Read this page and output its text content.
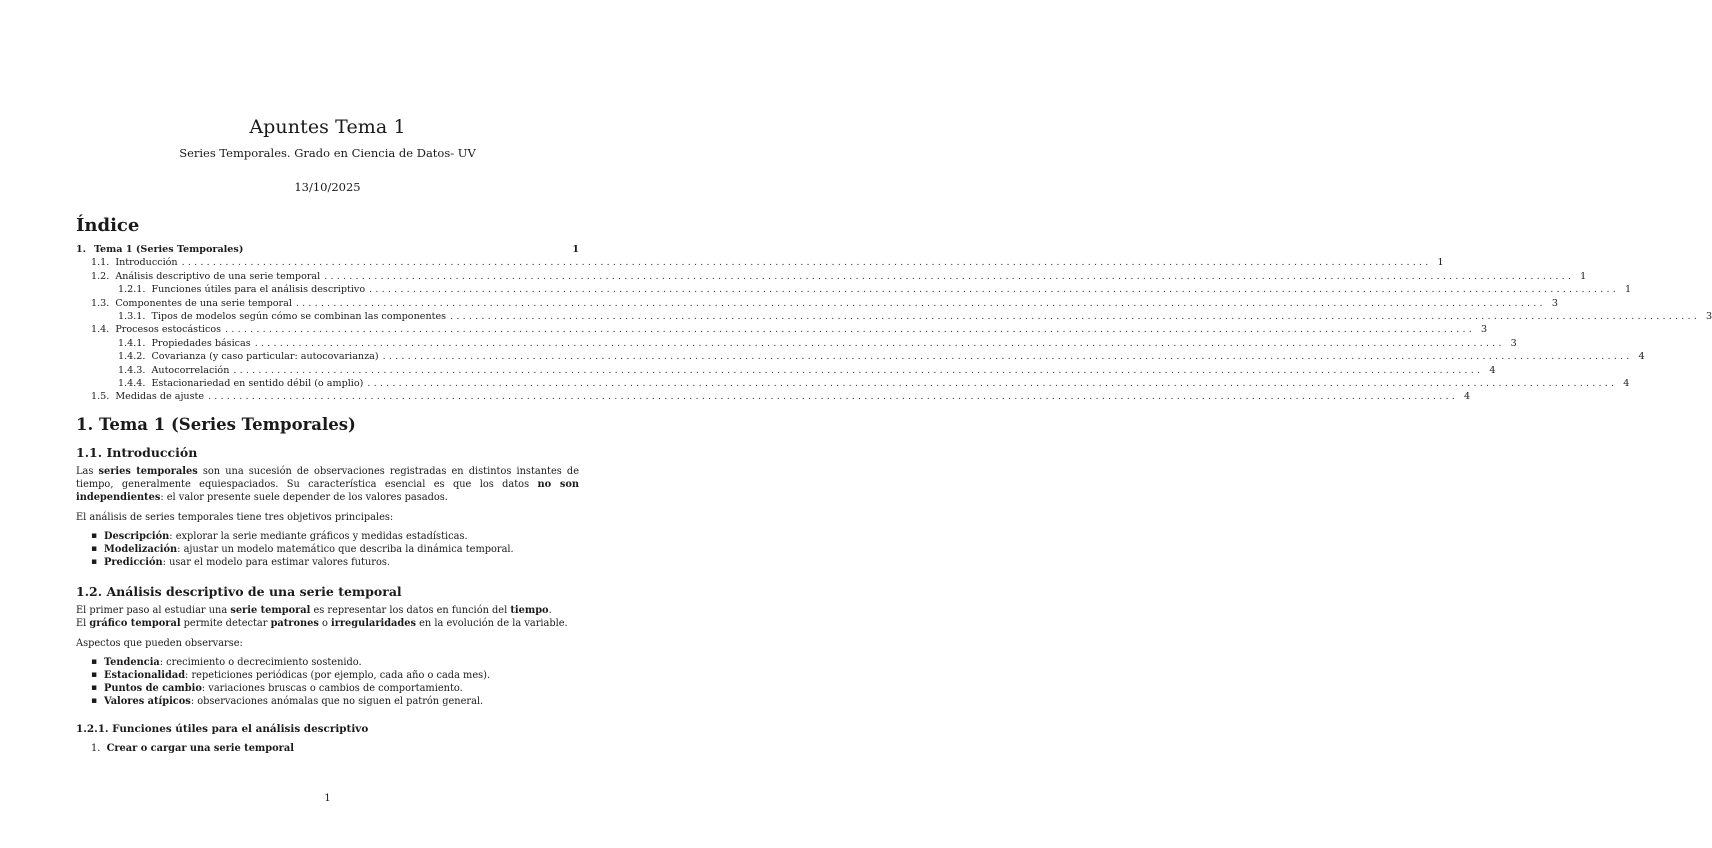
Apuntes Tema 1
Series Temporales. Grado en Ciencia de Datos- UV
13/10/2025
Índice
1. Tema 1 (Series Temporales)	1
1.1. Introducción ........................................................................................................................................................................................................ 1
1.2. Análisis descriptivo de una serie temporal ........................................................................................................................................................................................................ 1
1.2.1. Funciones útiles para el análisis descriptivo ........................................................................................................................................................................................................ 1
1.3. Componentes de una serie temporal ........................................................................................................................................................................................................ 3
1.3.1. Tipos de modelos según cómo se combinan las componentes ........................................................................................................................................................................................................ 3
1.4. Procesos estocásticos ........................................................................................................................................................................................................ 3
1.4.1. Propiedades básicas ........................................................................................................................................................................................................ 3
1.4.2. Covarianza (y caso particular: autocovarianza) ........................................................................................................................................................................................................ 4
1.4.3. Autocorrelación ........................................................................................................................................................................................................ 4
1.4.4. Estacionariedad en sentido débil (o amplio) ........................................................................................................................................................................................................ 4
1.5. Medidas de ajuste ........................................................................................................................................................................................................ 4
1. Tema 1 (Series Temporales)
1.1. Introducción
Las series temporales son una sucesión de observaciones registradas en distintos instantes de tiempo, generalmente equiespaciados. Su característica esencial es que los datos no son independientes: el valor presente suele depender de los valores pasados.
El análisis de series temporales tiene tres objetivos principales:
▪ Descripción: explorar la serie mediante gráficos y medidas estadísticas.
▪ Modelización: ajustar un modelo matemático que describa la dinámica temporal.
▪ Predicción: usar el modelo para estimar valores futuros.
1.2. Análisis descriptivo de una serie temporal
El primer paso al estudiar una serie temporal es representar los datos en función del tiempo.
El gráfico temporal permite detectar patrones o irregularidades en la evolución de la variable.
Aspectos que pueden observarse:
▪ Tendencia: crecimiento o decrecimiento sostenido.
▪ Estacionalidad: repeticiones periódicas (por ejemplo, cada año o cada mes).
▪ Puntos de cambio: variaciones bruscas o cambios de comportamiento.
▪ Valores atípicos: observaciones anómalas que no siguen el patrón general.
1.2.1. Funciones útiles para el análisis descriptivo
1. Crear o cargar una serie temporal
1
